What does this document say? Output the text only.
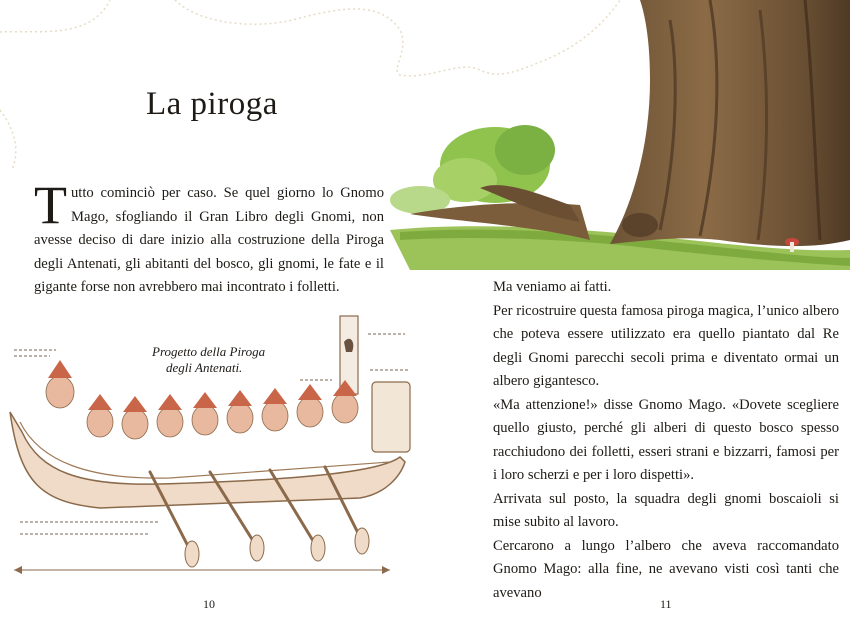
La piroga
Tutto cominciò per caso. Se quel giorno lo Gnomo Mago, sfogliando il Gran Libro degli Gnomi, non avesse deciso di dare inizio alla costruzione della Piroga degli Antenati, gli abitanti del bosco, gli gnomi, le fate e il gigante forse non avrebbero mai incontrato i folletti.
Progetto della Piroga
degli Antenati.

Ma veniamo ai fatti.

Per ricostruire questa famosa piroga magica, l’unico albero che poteva essere utilizzato era quello piantato dal Re degli Gnomi parecchi secoli prima e diventato ormai un albero gigantesco.

«Ma attenzione!» disse Gnomo Mago. «Dovete scegliere quello giusto, perché gli alberi di questo bosco spesso racchiudono dei folletti, esseri strani e bizzarri, famosi per i loro scherzi e per i loro dispetti».

Arrivata sul posto, la squadra degli gnomi boscaioli si mise subito al lavoro.

Cercarono a lungo l’albero che aveva raccomandato Gnomo Mago: alla fine, ne avevano visti così tanti che avevano

10	11
